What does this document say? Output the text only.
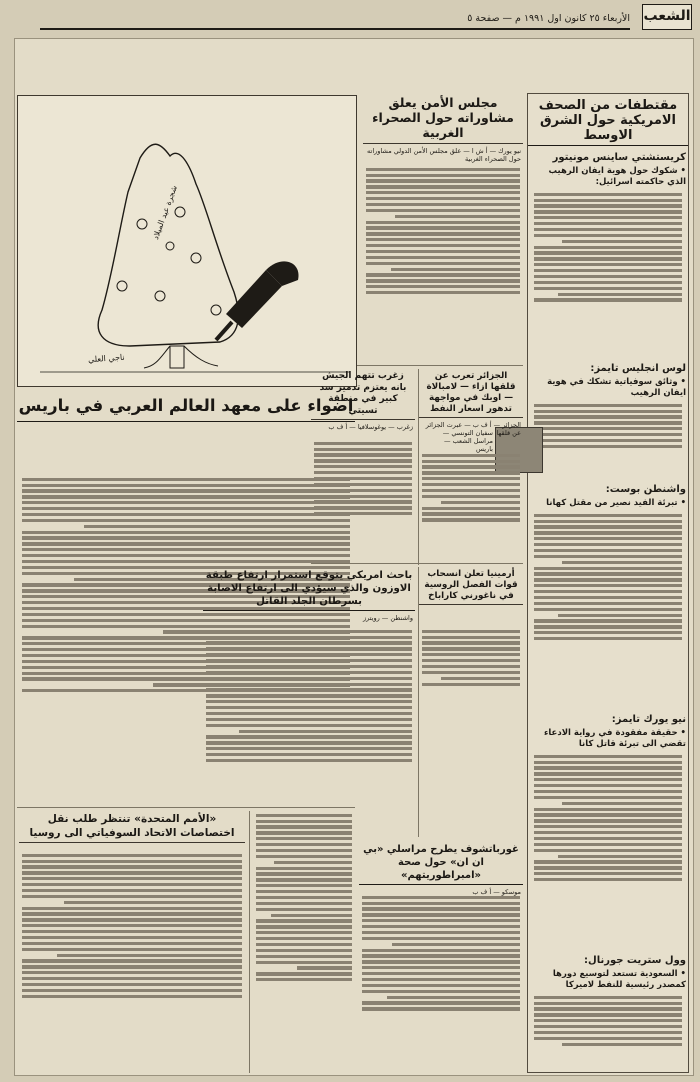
الشعب
الأربعاء ٢٥ كانون اول ١٩٩١ م — صفحة ٥
مقتطفات من الصحف الامريكية حول الشرق الاوسط
كريستشتي ساينس مونيتور
• شكوك حول هوية ايفان الرهيب الذي حاكمته اسرائيل:
لوس انجليس تايمز:
• وثائق سوفياتية تشكك في هوية ايفان الرهيب
واشنطن بوست:
• تبرئة الفيد نصير من مقتل كهانا
نيو يورك تايمز:
• حقيقة مفقودة في رواية الادعاء تقضي الى تبرئة قاتل كانا
وول ستريت جورنال:
• السعودية تستعد لتوسيع دورها كمصدر رئيسية للنفط لاميركا
مجلس الأمن يعلق مشاوراته حول الصحراء الغربية
نيو يورك — أ ش ا — علق مجلس الأمن الدولي مشاوراته حول الصحراء الغربية
شجرة عيد الميلاد
ناجي العلي
اضواء على معهد العالم العربي في باريس
سفيان التونسي — مراسل الشعب — باريس
الجزائر تعرب عن قلقها ازاء — لامبالاة — اوبك في مواجهة تدهور اسعار النفط
الجزائر — أ ف ب — عبرت الجزائر عن قلقها
زغرب تتهم الجيش بانه يعتزم تدمير سد كبير في منطقة تسيتي
زغرب — يوغوسلافيا — أ ف ب
أرمينيا تعلن انسحاب قوات الفصل الروسية في ناغورني كاراباخ
باحث امريكي يتوقع استمرار ارتفاع طبقة الاوزون والذي سيؤدي الى ارتفاع الاصابة بسرطان الجلد القاتل
واشنطن — رويترز
«الأمم المتحدة» تنتظر طلب نقل اختصاصات الاتحاد السوفياتي الى روسيا
غورباتشوف يطرح مراسلي «بي ان ان» حول صحة «امبراطوريتهم»
موسكو — أ ف ب
